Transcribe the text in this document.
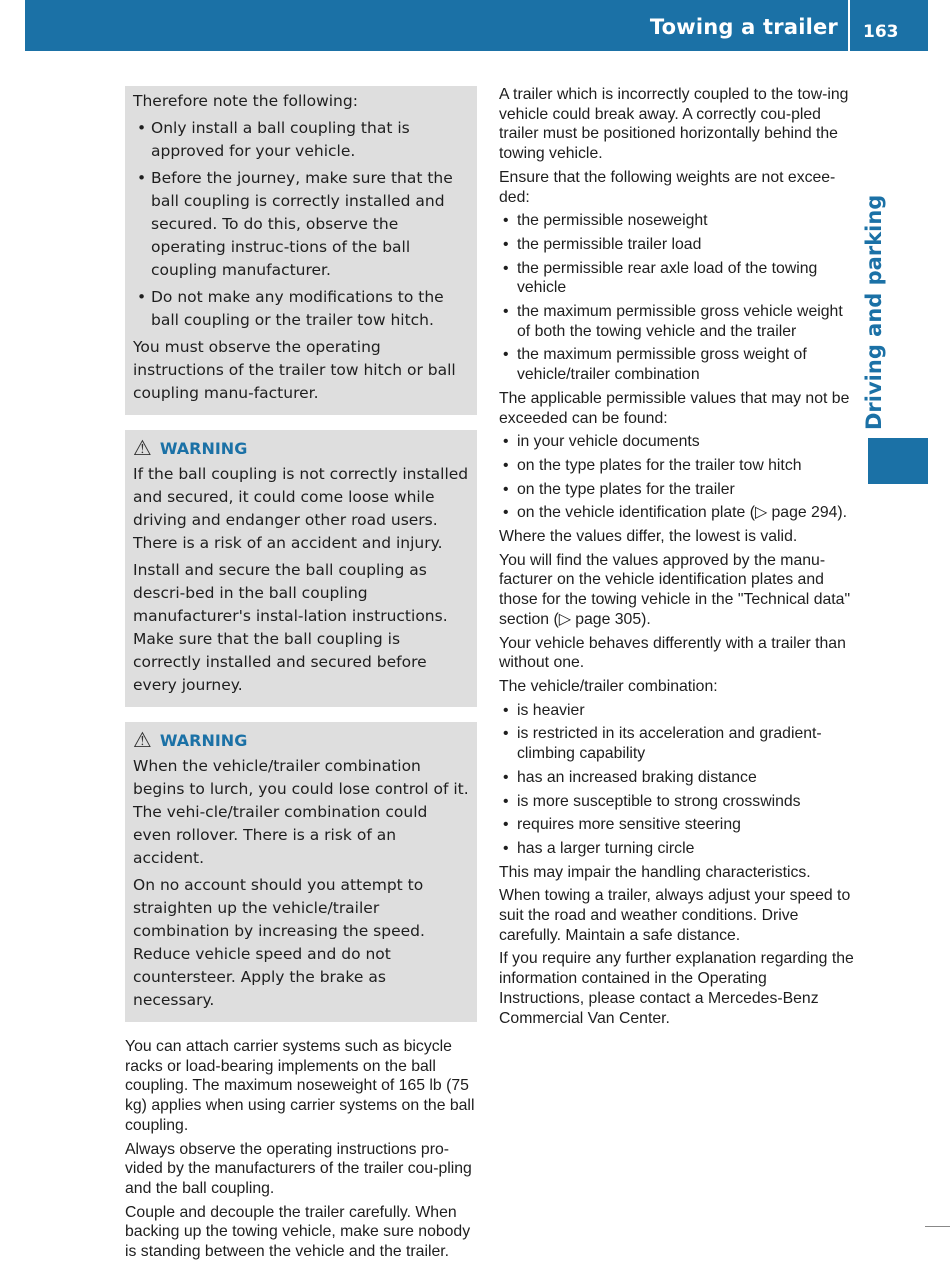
Towing a trailer 163
Driving and parking

Therefore note the following:

• Only install a ball coupling that is approved for your vehicle.
• Before the journey, make sure that the ball coupling is correctly installed and secured. To do this, observe the operating instruc-tions of the ball coupling manufacturer.
• Do not make any modifications to the ball coupling or the trailer tow hitch.

You must observe the operating instructions of the trailer tow hitch or ball coupling manu-facturer.

⚠ WARNING

If the ball coupling is not correctly installed and secured, it could come loose while driving and endanger other road users. There is a risk of an accident and injury.

Install and secure the ball coupling as descri-bed in the ball coupling manufacturer's instal-lation instructions. Make sure that the ball coupling is correctly installed and secured before every journey.

⚠ WARNING

When the vehicle/trailer combination begins to lurch, you could lose control of it. The vehi-cle/trailer combination could even rollover. There is a risk of an accident.

On no account should you attempt to straighten up the vehicle/trailer combination by increasing the speed. Reduce vehicle speed and do not countersteer. Apply the brake as necessary.

You can attach carrier systems such as bicycle racks or load-bearing implements on the ball coupling. The maximum noseweight of 165 lb (75 kg) applies when using carrier systems on the ball coupling.

Always observe the operating instructions pro-vided by the manufacturers of the trailer cou-pling and the ball coupling.

Couple and decouple the trailer carefully. When backing up the towing vehicle, make sure nobody is standing between the vehicle and the trailer.

A trailer which is incorrectly coupled to the tow-ing vehicle could break away. A correctly cou-pled trailer must be positioned horizontally behind the towing vehicle.

Ensure that the following weights are not excee-ded:

• the permissible noseweight
• the permissible trailer load
• the permissible rear axle load of the towing vehicle
• the maximum permissible gross vehicle weight of both the towing vehicle and the trailer
• the maximum permissible gross weight of vehicle/trailer combination

The applicable permissible values that may not be exceeded can be found:

• in your vehicle documents
• on the type plates for the trailer tow hitch
• on the type plates for the trailer
• on the vehicle identification plate (▷ page 294).

Where the values differ, the lowest is valid.

You will find the values approved by the manu-facturer on the vehicle identification plates and those for the towing vehicle in the "Technical data" section (▷ page 305).

Your vehicle behaves differently with a trailer than without one.

The vehicle/trailer combination:

• is heavier
• is restricted in its acceleration and gradient-climbing capability
• has an increased braking distance
• is more susceptible to strong crosswinds
• requires more sensitive steering
• has a larger turning circle

This may impair the handling characteristics.

When towing a trailer, always adjust your speed to suit the road and weather conditions. Drive carefully. Maintain a safe distance.

If you require any further explanation regarding the information contained in the Operating Instructions, please contact a Mercedes-Benz Commercial Van Center.
